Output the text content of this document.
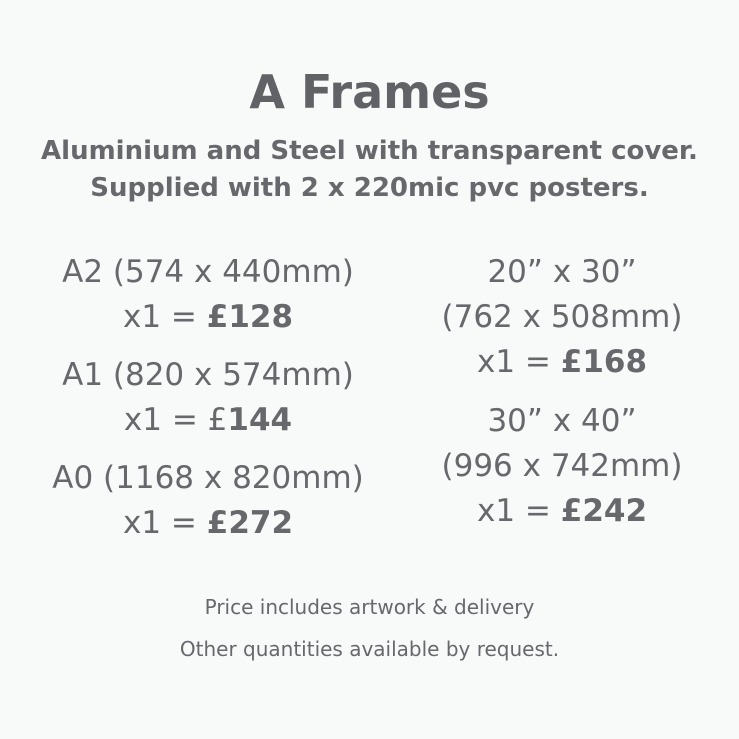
A Frames
Aluminium and Steel with transparent cover.
Supplied with 2 x 220mic pvc posters.
A2 (574 x 440mm)
x1 = £128
A1 (820 x 574mm)
x1 = £144
A0 (1168 x 820mm)
x1 = £272
20” x 30”
(762 x 508mm)
x1 = £168
30” x 40”
(996 x 742mm)
x1 = £242
Price includes artwork & delivery
Other quantities available by request.
